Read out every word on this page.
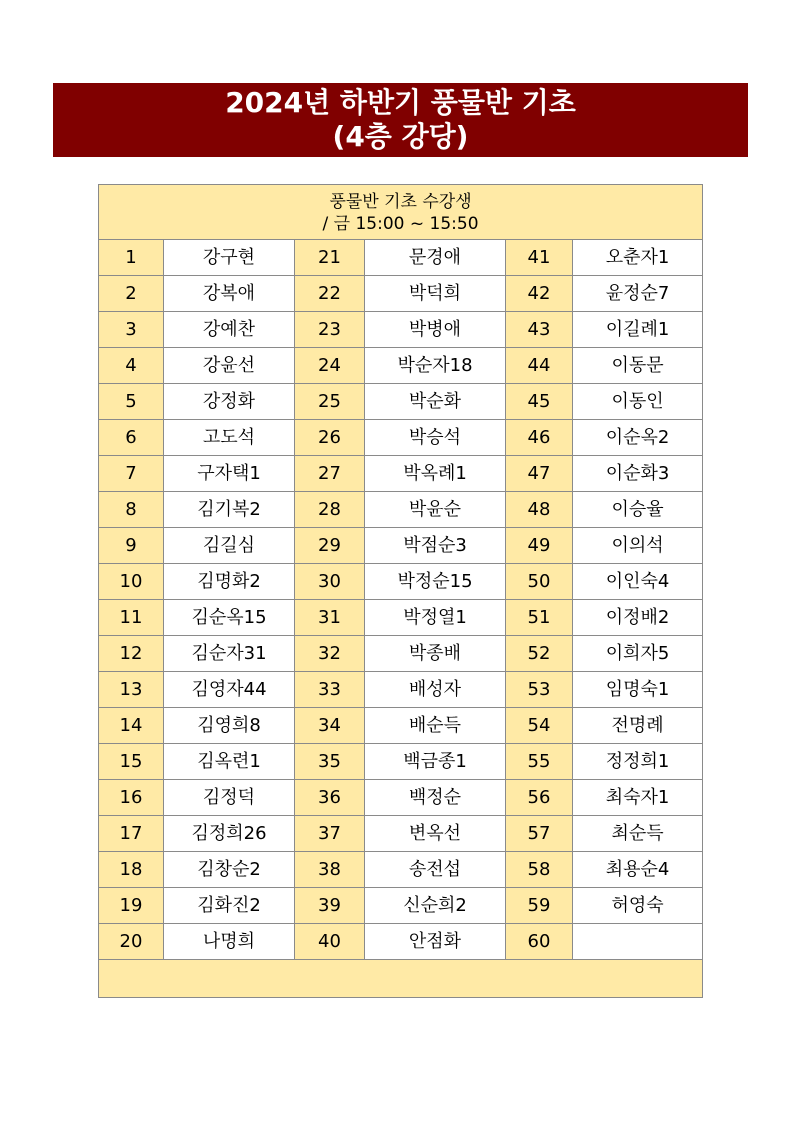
2024년 하반기 풍물반 기초
(4층 강당)
풍물반 기초 수강생
/ 금 15:00 ~ 15:50					

1	강구현	21	문경애	41	오춘자1
2	강복애	22	박덕희	42	윤정순7
3	강예찬	23	박병애	43	이길례1
4	강윤선	24	박순자18	44	이동문
5	강정화	25	박순화	45	이동인
6	고도석	26	박승석	46	이순옥2
7	구자택1	27	박옥례1	47	이순화3
8	김기복2	28	박윤순	48	이승율
9	김길심	29	박점순3	49	이의석
10	김명화2	30	박정순15	50	이인숙4
11	김순옥15	31	박정열1	51	이정배2
12	김순자31	32	박종배	52	이희자5
13	김영자44	33	배성자	53	임명숙1
14	김영희8	34	배순득	54	전명례
15	김옥련1	35	백금종1	55	정정희1
16	김정덕	36	백정순	56	최숙자1
17	김정희26	37	변옥선	57	최순득
18	김창순2	38	송전섭	58	최용순4
19	김화진2	39	신순희2	59	허영숙
20	나명희	40	안점화	60	
